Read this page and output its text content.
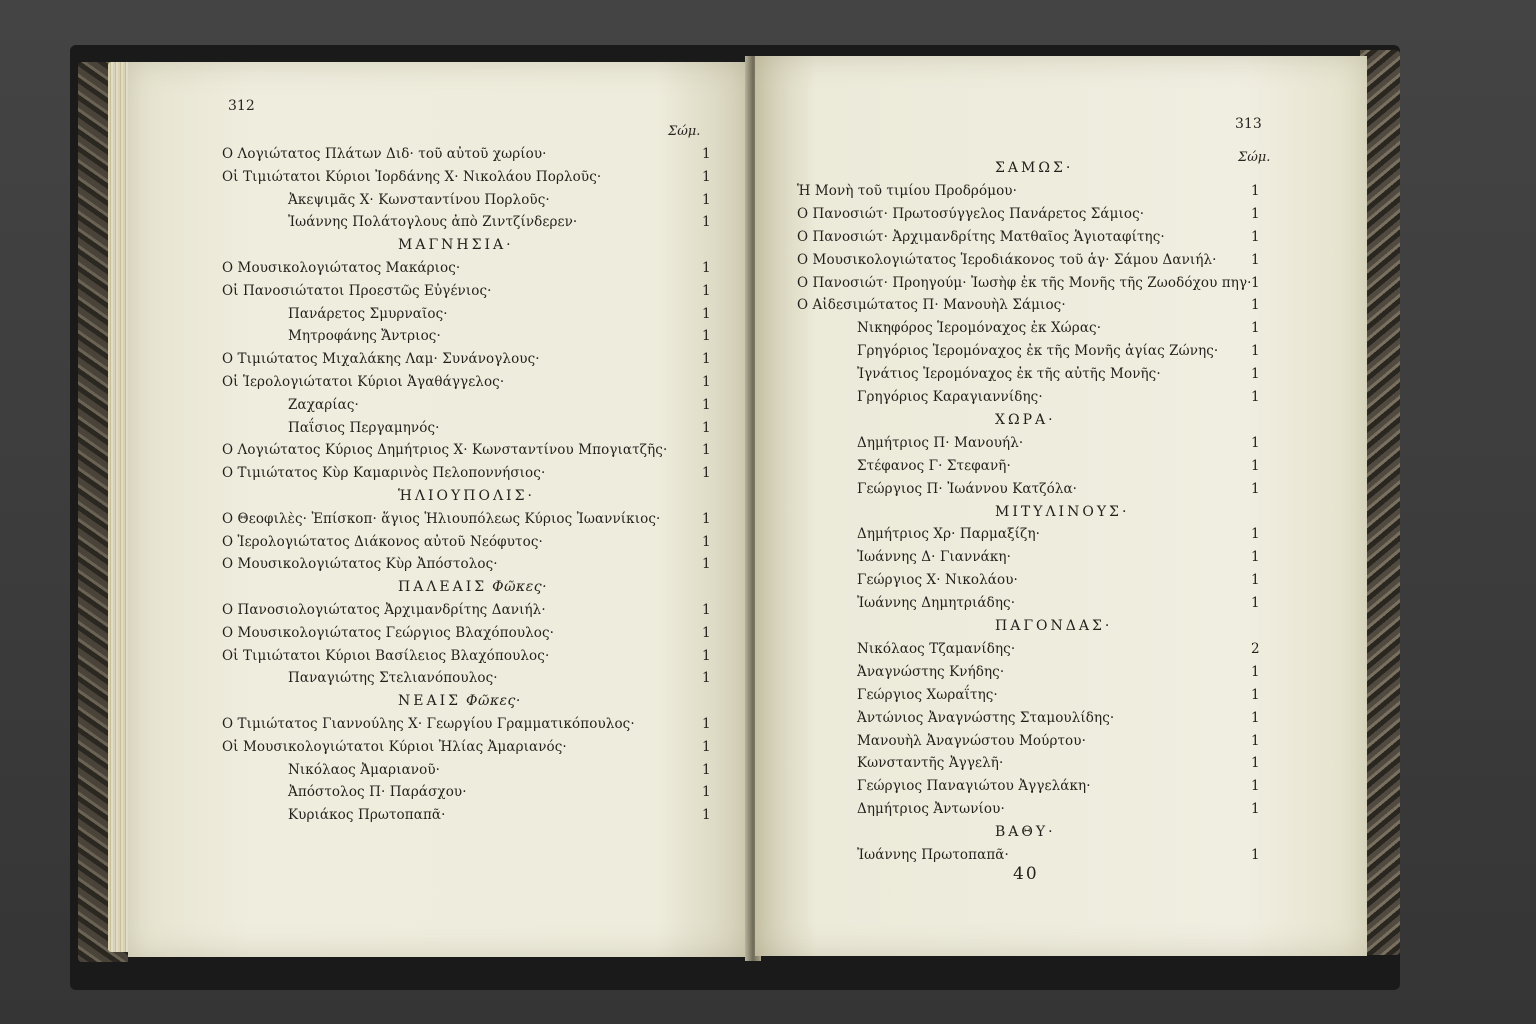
312
Σώμ.
Ο Λογιώτατος Πλάτων Διδ· τοῦ αὐτοῦ χωρίου·	1
Οἱ Τιμιώτατοι Κύριοι Ἰορδάνης Χ· Νικολάου Πορλοῦς·	1
Ἀκεψιμᾶς Χ· Κωνσταντίνου Πορλοῦς·	1
Ἰωάννης Πολάτογλους ἀπὸ Ζιντζίνδερεν·	1
ΜΑΓΝΗΣΙΑ·
Ο Μουσικολογιώτατος Μακάριος·	1
Οἱ Πανοσιώτατοι Προεστῶς Εὐγένιος·	1
Πανάρετος Σμυρναῖος·	1
Μητροφάνης Ἄντριος·	1
Ο Τιμιώτατος Μιχαλάκης Λαμ· Συνάνογλους·	1
Οἱ Ἱερολογιώτατοι Κύριοι Ἀγαθάγγελος·	1
Ζαχαρίας·	1
Παΐσιος Περγαμηνός·	1
Ο Λογιώτατος Κύριος Δημήτριος Χ· Κωνσταντίνου Μπογιατζῆς·	1
Ο Τιμιώτατος Κὺρ Καμαρινὸς Πελοποννήσιος·	1
ἩΛΙΟΥΠΟΛΙΣ·
Ο Θεοφιλὲς· Ἐπίσκοπ· ἅγιος Ἡλιουπόλεως Κύριος Ἰωαννίκιος·	1
Ο Ἱερολογιώτατος Διάκονος αὐτοῦ Νεόφυτος·	1
Ο Μουσικολογιώτατος Κὺρ Ἀπόστολος·	1
ΠΑΛΕΑΙΣ Φῶκες·
Ο Πανοσιολογιώτατος Ἀρχιμανδρίτης Δανιήλ·	1
Ο Μουσικολογιώτατος Γεώργιος Βλαχόπουλος·	1
Οἱ Τιμιώτατοι Κύριοι Βασίλειος Βλαχόπουλος·	1
Παναγιώτης Στελιανόπουλος·	1
ΝΕΑΙΣ Φῶκες·
Ο Τιμιώτατος Γιαννούλης Χ· Γεωργίου Γραμματικόπουλος·	1
Οἱ Μουσικολογιώτατοι Κύριοι Ἠλίας Ἀμαριανός·	1
Νικόλαος Ἀμαριανοῦ·	1
Ἀπόστολος Π· Παράσχου·	1
Κυριάκος Πρωτοπαπᾶ·	1
313
Σώμ.
ΣΑΜΩΣ·
Ἡ Μονὴ τοῦ τιμίου Προδρόμου·	1
Ο Πανοσιώτ· Πρωτοσύγγελος Πανάρετος Σάμιος·	1
Ο Πανοσιώτ· Ἀρχιμανδρίτης Ματθαῖος Ἁγιοταφίτης·	1
Ο Μουσικολογιώτατος Ἱεροδιάκονος τοῦ ἁγ· Σάμου Δανιήλ·	1
Ο Πανοσιώτ· Προηγούμ· Ἰωσὴφ ἐκ τῆς Μονῆς τῆς Ζωοδόχου πηγ· 1
Ο Αἰδεσιμώτατος Π· Μανουὴλ Σάμιος·	1
Νικηφόρος Ἱερομόναχος ἐκ Χώρας·	1
Γρηγόριος Ἱερομόναχος ἐκ τῆς Μονῆς ἁγίας Ζώνης· 1
Ἰγνάτιος Ἱερομόναχος ἐκ τῆς αὐτῆς Μονῆς·	1
Γρηγόριος Καραγιαννίδης·	1
ΧΩΡΑ·
Δημήτριος Π· Μανουήλ·	1
Στέφανος Γ· Στεφανῆ·	1
Γεώργιος Π· Ἰωάννου Κατζόλα·	1
ΜΙΤΥΛΙΝΟΥΣ·
Δημήτριος Χρ· Παρμαξίζη·	1
Ἰωάννης Δ· Γιαννάκη·	1
Γεώργιος Χ· Νικολάου·	1
Ἰωάννης Δημητριάδης·	1
ΠΑΓΟΝΔΑΣ·
Νικόλαος Τζαμανίδης·	2
Ἀναγνώστης Κνήδης·	1
Γεώργιος Χωραΐτης·	1
Ἀντώνιος Ἀναγνώστης Σταμουλίδης·	1
Μανουὴλ Ἀναγνώστου Μούρτου·	1
Κωνσταντῆς Ἀγγελῆ·	1
Γεώργιος Παναγιώτου Ἀγγελάκη·	1
Δημήτριος Ἀντωνίου·	1
ΒΑΘΥ·
Ἰωάννης Πρωτοπαπᾶ·	1
40
